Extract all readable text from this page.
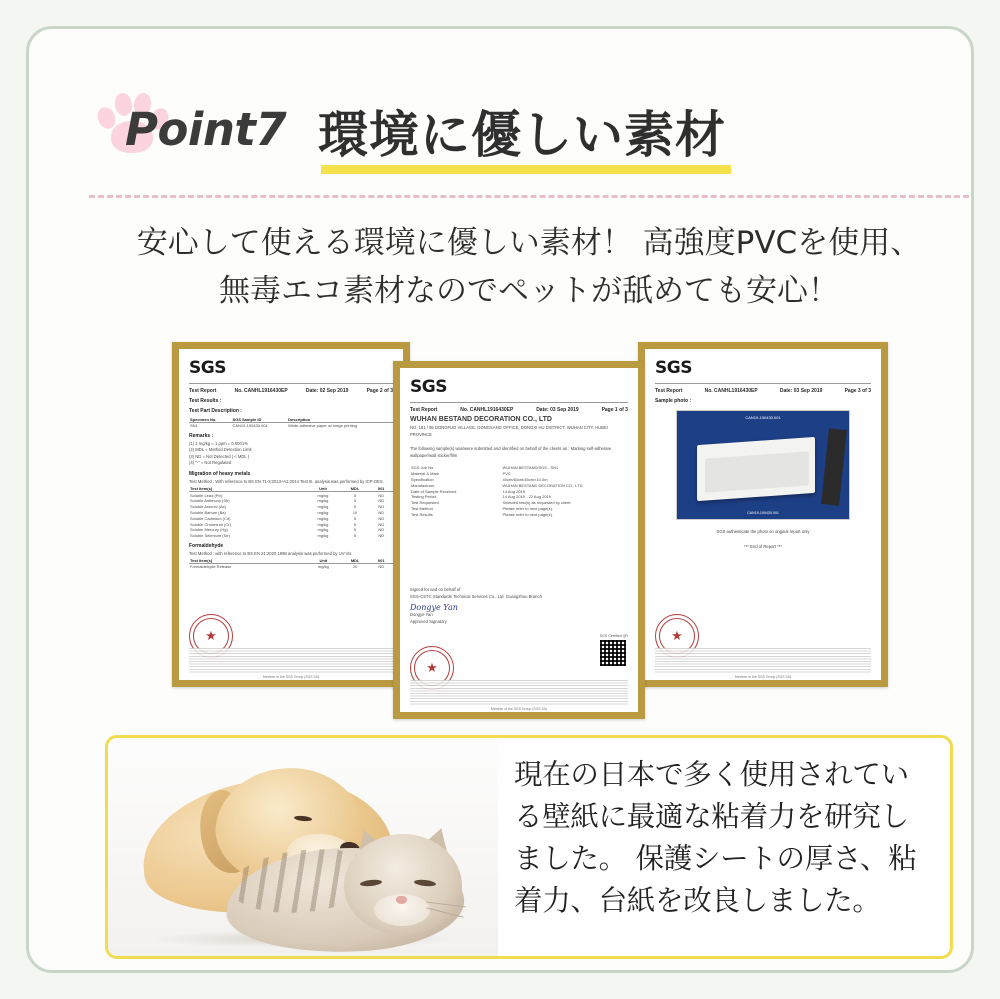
Point7 環境に優しい素材
安心して使える環境に優しい素材！ 高強度PVCを使用、
無毒エコ素材なのでペットが舐めても安心！
SGS
Test Report	No. CANHL1916430EP	Date: 02 Sep 2019	Page 2 of 3
Test Results :
Test Part Description :
Specimen No.	SGS Sample ID	Description
SN1	CAN19-190430.001	White adhesive paper w/ beige printing
Remarks :
(1) 1 mg/kg = 1 ppm = 0.0001%
(2) MDL = Method Detection Limit
(3) ND = Not Detected ( < MDL )
(4) "-" = Not Regulated
Migration of heavy metals
Test Method : With reference to BS EN 71-3:2013+A1:2014 Test III, analysis was performed by ICP-OES.
Test Item(s)	Unit	MDL	001
Soluble Lead (Pb)	mg/kg	5	ND
Soluble Antimony (Sb)	mg/kg	5	ND
Soluble Arsenic (As)	mg/kg	5	ND
Soluble Barium (Ba)	mg/kg	10	ND
Soluble Cadmium (Cd)	mg/kg	5	ND
Soluble Chromium (Cr)	mg/kg	5	ND
Soluble Mercury (Hg)	mg/kg	5	ND
Soluble Selenium (Se)	mg/kg	5	ND
Formaldehyde
Test Method : with reference to BS EN 21:2020 1998 analysis was performed by UV-Vis.
Test Item(s)	Unit	MDL	001
Formaldehyde Release	mg/kg	20	ND
★
Member of the SGS Group (SGS SA)
SGS
Test Report	No. CANHL1916430EP	Date: 03 Sep 2019	Page 1 of 3
WUHAN BESTAND DECORATION CO., LTD
NO. 181 / 95 DONGFUO VILLAGE, GONGSANG OFFICE, DONGXI HU DISTRICT, WUHAN CITY, HUBEI PROVINCE
The following sample(s) was/were submitted and identified on behalf of the clients as : Marking self-adhesive wallpaper/wall sticker/film
SGS Job No.	WUHAN BESTAND/SGS - SN1
Material & Mark	PVC
Specification	40cm/60cm/45cm×10.0m
Manufacturer	WUHAN BESTAND DECORATION CO., LTD
Date of Sample Received	14 Aug 2019
Testing Period	14 Aug 2019 - 22 Aug 2019
Test Requested	Selected test(s) as requested by client.
Test Method	Please refer to next page(s).
Test Results	Please refer to next page(s).
Signed for and on behalf of
SGS-CSTC Standards Technical Services Co., Ltd. Guangzhou Branch
Dongye Yan
Dongye Yan
Approved Signatory
SGS Certified QR
★
Member of the SGS Group (SGS SA)
SGS
Test Report	No. CANHL1916430EP	Date: 03 Sep 2019	Page 3 of 3
Sample photo :
CAN19-190430.001
CAN19-190430.001
SGS authenticate the photo on original report only
*** End of Report ***
★
Member of the SGS Group (SGS SA)
現在の日本で多く使用されている壁紙に最適な粘着力を研究しました。 保護シートの厚さ、粘着力、台紙を改良しました。
